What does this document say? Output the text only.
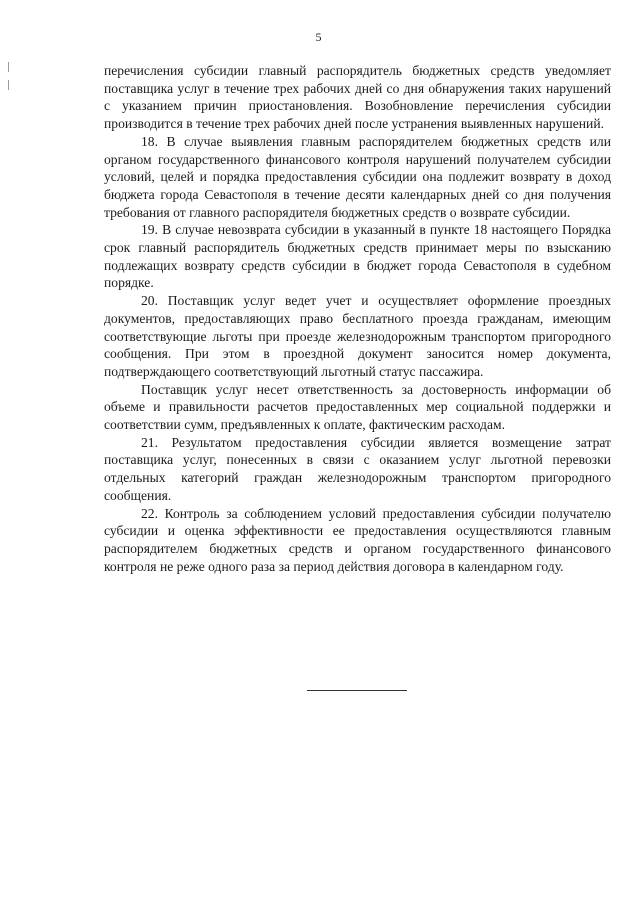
5

перечисления субсидии главный распорядитель бюджетных средств уведомляет поставщика услуг в течение трех рабочих дней со дня обнаружения таких нарушений с указанием причин приостановления. Возобновление перечисления субсидии производится в течение трех рабочих дней после устранения выявленных нарушений.

18. В случае выявления главным распорядителем бюджетных средств или органом государственного финансового контроля нарушений получателем субсидии условий, целей и порядка предоставления субсидии она подлежит возврату в доход бюджета города Севастополя в течение десяти календарных дней со дня получения требования от главного распорядителя бюджетных средств о возврате субсидии.

19. В случае невозврата субсидии в указанный в пункте 18 настоящего Порядка срок главный распорядитель бюджетных средств принимает меры по взысканию подлежащих возврату средств субсидии в бюджет города Севастополя в судебном порядке.

20. Поставщик услуг ведет учет и осуществляет оформление проездных документов, предоставляющих право бесплатного проезда гражданам, имеющим соответствующие льготы при проезде железнодорожным транспортом пригородного сообщения. При этом в проездной документ заносится номер документа, подтверждающего соответствующий льготный статус пассажира.

Поставщик услуг несет ответственность за достоверность информации об объеме и правильности расчетов предоставленных мер социальной поддержки и соответствии сумм, предъявленных к оплате, фактическим расходам.

21. Результатом предоставления субсидии является возмещение затрат поставщика услуг, понесенных в связи с оказанием услуг льготной перевозки отдельных категорий граждан железнодорожным транспортом пригородного сообщения.

22. Контроль за соблюдением условий предоставления субсидии получателю субсидии и оценка эффективности ее предоставления осуществляются главным распорядителем бюджетных средств и органом государственного финансового контроля не реже одного раза за период действия договора в календарном году.
